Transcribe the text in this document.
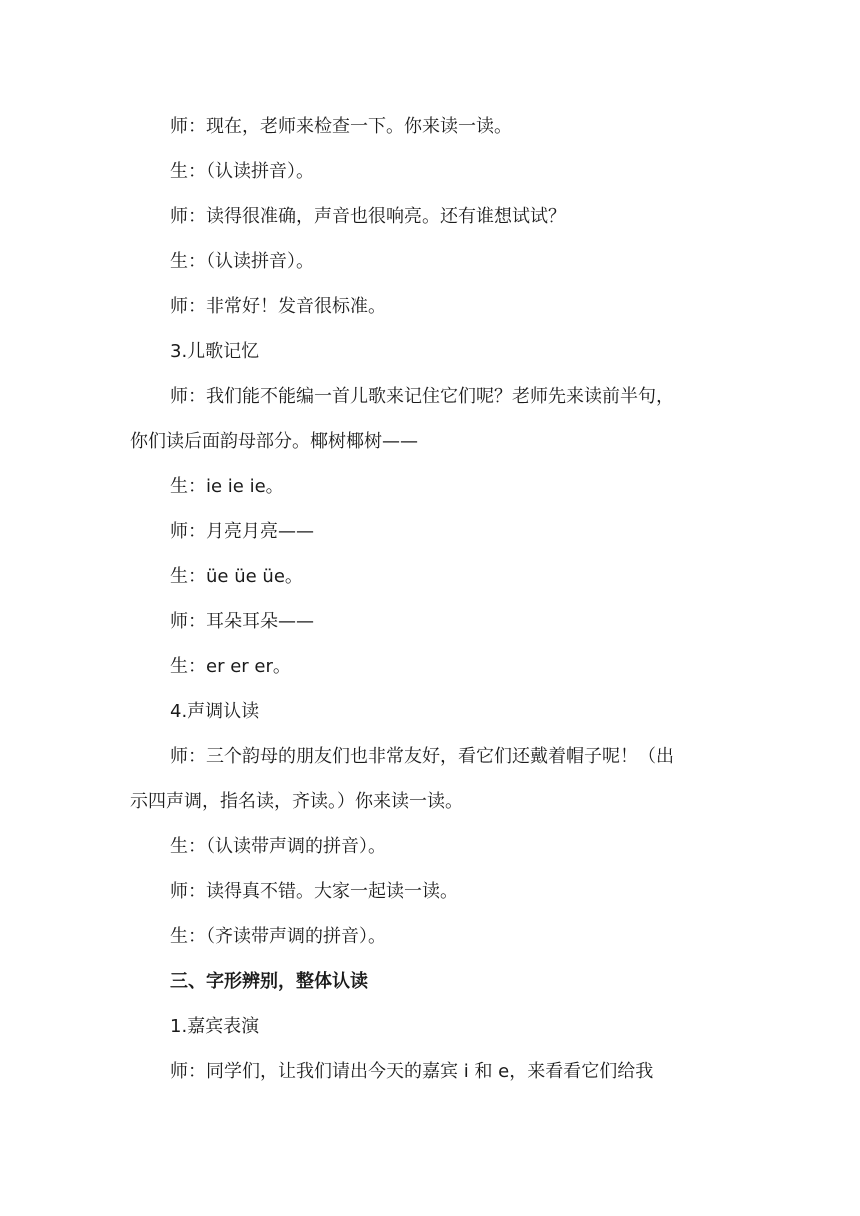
师：现在，老师来检查一下。你来读一读。
生：（认读拼音）。
师：读得很准确，声音也很响亮。还有谁想试试？
生：（认读拼音）。
师：非常好！发音很标准。
3.儿歌记忆
师：我们能不能编一首儿歌来记住它们呢？老师先来读前半句，
你们读后面韵母部分。椰树椰树——
生：ie ie ie。
师：月亮月亮——
生：üe üe üe。
师：耳朵耳朵——
生：er er er。
4.声调认读
师：三个韵母的朋友们也非常友好，看它们还戴着帽子呢！（出
示四声调，指名读，齐读。）你来读一读。
生：（认读带声调的拼音）。
师：读得真不错。大家一起读一读。
生：（齐读带声调的拼音）。
三、字形辨别，整体认读
1.嘉宾表演
师：同学们，让我们请出今天的嘉宾 i 和 e，来看看它们给我
